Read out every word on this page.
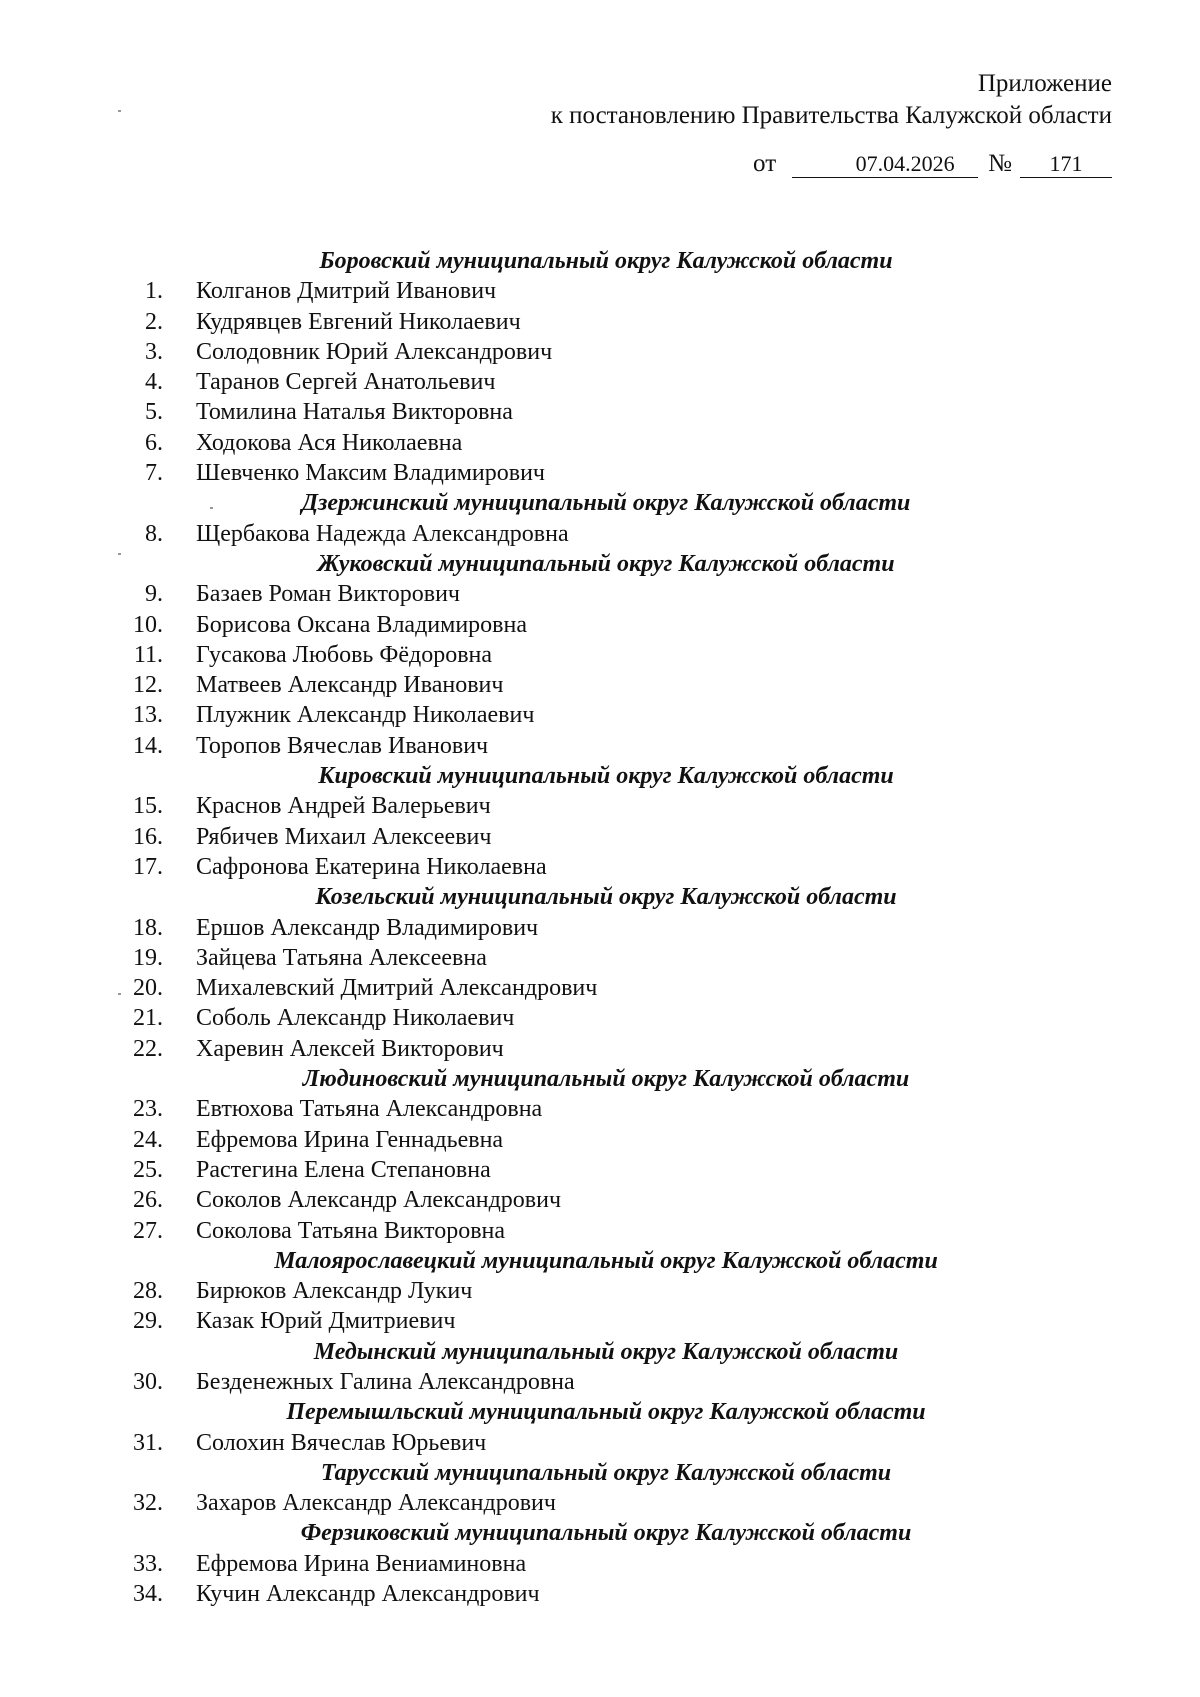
Приложение
к постановлению Правительства Калужской области
от	07.04.2026	№	171
Боровский муниципальный округ Калужской области
1.	Колганов Дмитрий Иванович
2.	Кудрявцев Евгений Николаевич
3.	Солодовник Юрий Александрович
4.	Таранов Сергей Анатольевич
5.	Томилина Наталья Викторовна
6.	Ходокова Ася Николаевна
7.	Шевченко Максим Владимирович
Дзержинский муниципальный округ Калужской области
8.	Щербакова Надежда Александровна
Жуковский муниципальный округ Калужской области
9.	Базаев Роман Викторович
10.	Борисова Оксана Владимировна
11.	Гусакова Любовь Фёдоровна
12.	Матвеев Александр Иванович
13.	Плужник Александр Николаевич
14.	Торопов Вячеслав Иванович
Кировский муниципальный округ Калужской области
15.	Краснов Андрей Валерьевич
16.	Рябичев Михаил Алексеевич
17.	Сафронова Екатерина Николаевна
Козельский муниципальный округ Калужской области
18.	Ершов Александр Владимирович
19.	Зайцева Татьяна Алексеевна
20.	Михалевский Дмитрий Александрович
21.	Соболь Александр Николаевич
22.	Харевин Алексей Викторович
Людиновский муниципальный округ Калужской области
23.	Евтюхова Татьяна Александровна
24.	Ефремова Ирина Геннадьевна
25.	Растегина Елена Степановна
26.	Соколов Александр Александрович
27.	Соколова Татьяна Викторовна
Малоярославецкий муниципальный округ Калужской области
28.	Бирюков Александр Лукич
29.	Казак Юрий Дмитриевич
Медынский муниципальный округ Калужской области
30.	Безденежных Галина Александровна
Перемышльский муниципальный округ Калужской области
31.	Солохин Вячеслав Юрьевич
Тарусский муниципальный округ Калужской области
32.	Захаров Александр Александрович
Ферзиковский муниципальный округ Калужской области
33.	Ефремова Ирина Вениаминовна
34.	Кучин Александр Александрович
